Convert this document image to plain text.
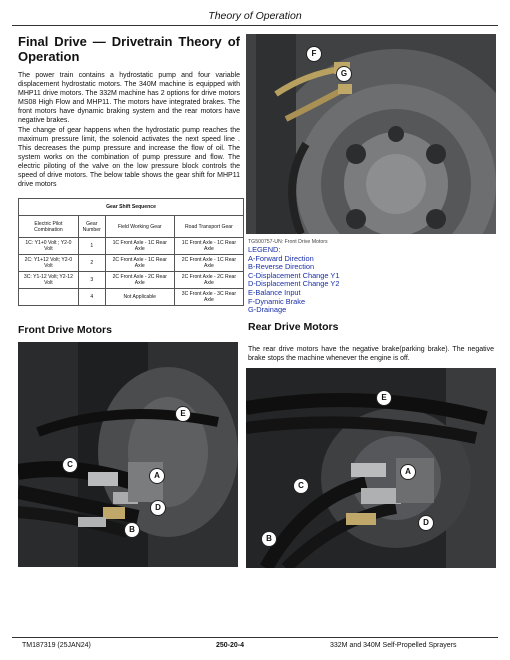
Theory of Operation
Final Drive — Drivetrain Theory of
Operation
The power train contains a hydrostatic pump and four variable displacement hydrostatic motors. The 340M machine is equipped with MHP11 drive motors. The 332M machine has 2 options for drive motors MS08 High Flow and MHP11. The motors have integrated brakes. The front motors have dynamic braking system and the rear motors have negative brakes.
The change of gear happens when the hydrostatic pump reaches the maximum pressure limit, the solenoid activates the next speed line . This decreases the pump pressure and increase the flow of oil. The system works on the combination of pump pressure and flow. The electric piloting of the valve on the low pressure block controls the speed of drive motors. The below table shows the gear shift for MHP11 drive motors
Gear Shift Sequence			
Electric Pilot Combination	Gear Number	Field Working Gear	Road Transport Gear
1C: Y1+0 Volt ; Y2-0 Volt	1	1C Front Axle - 1C Rear Axle	1C Front Axle - 1C Rear Axle
2C: Y1+12 Volt; Y2-0 Volt	2	2C Front Axle - 1C Rear Axle	2C Front Axle - 1C Rear Axle
3C: Y1-12 Volt; Y2-12 Volt	3	2C Front Axle - 2C Rear Axle	2C Front Axle - 2C Rear Axle
	4	Not Applicable	3C Front Axle - 3C Rear Axle
F
G
TG500757-UN: Front Drive Motors
LEGEND:
A-Forward Direction
B-Reverse Direction
C-Displacement Change Y1
D-Displacement Change Y2
E-Balance Input
F-Dynamic Brake
G-Drainage
Front Drive Motors
E
C
A
D
B
Rear Drive Motors
The rear drive motors have the negative brake(parking brake). The negative brake stops the machine whenever the engine is off.
E
A
C
D
B
TM187319 (25JAN24)	250-20-4	332M and 340M Self-Propelled Sprayers
